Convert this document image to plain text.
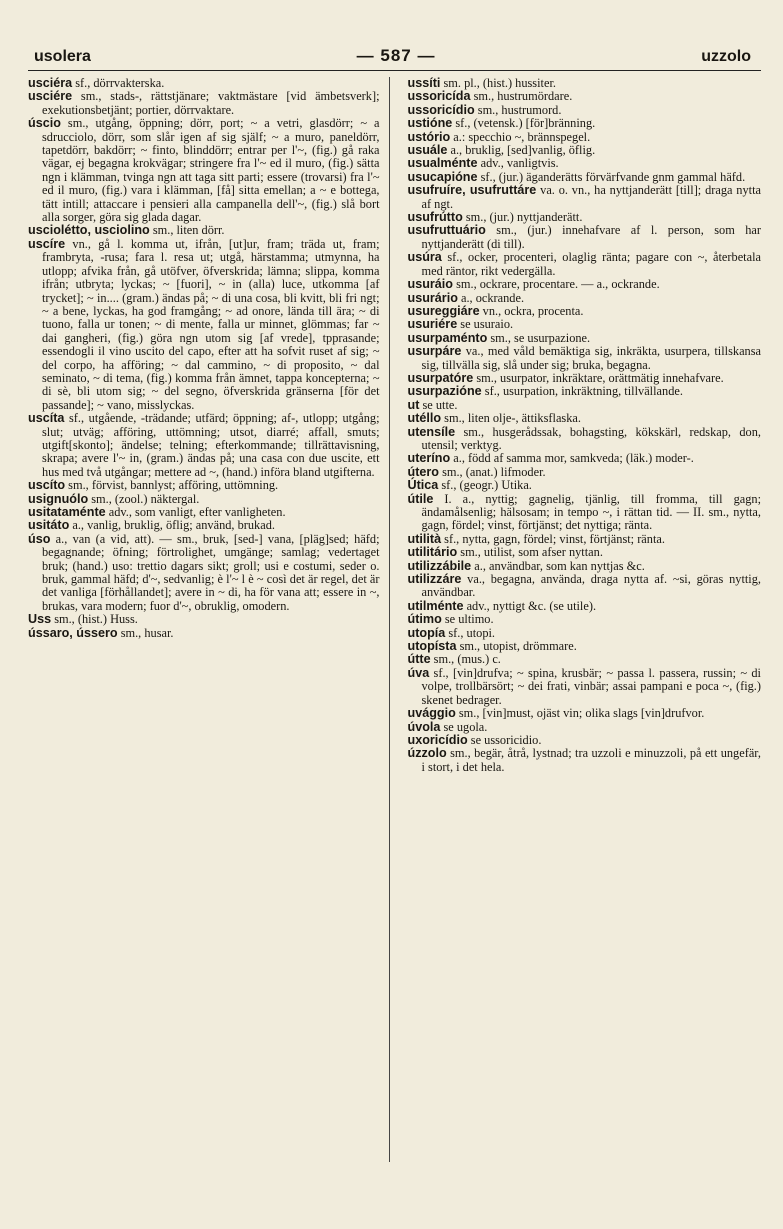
usolera	— 587 —	uzzolo

usciéra sf., dörrvakterska.

usciére sm., stads-, rättstjänare; vaktmästare [vid ämbetsverk]; exekutionsbetjänt; portier, dörrvaktare.

úscio sm., utgång, öppning; dörr, port; ~ a vetri, glasdörr; ~ a sdrucciolo, dörr, som slår igen af sig själf; ~ a muro, paneldörr, tapetdörr, bakdörr; ~ finto, blinddörr; entrar per l'~, (fig.) gå raka vägar, ej begagna krokvägar; stringere fra l'~ ed il muro, (fig.) sätta ngn i klämman, tvinga ngn att taga sitt parti; essere (trovarsi) fra l'~ ed il muro, (fig.) vara i klämman, [få] sitta emellan; a ~ e bottega, tätt intill; attaccare i pensieri alla campanella dell'~, (fig.) slå bort alla sorger, göra sig glada dagar.

usciolétto, usciolino sm., liten dörr.

uscíre vn., gå l. komma ut, ifrån, [ut]ur, fram; träda ut, fram; frambryta, -rusa; fara l. resa ut; utgå, härstamma; utmynna, ha utlopp; afvika från, gå utöfver, öfverskrida; lämna; slippa, komma ifrån; utbryta; lyckas; ~ [fuori], ~ in (alla) luce, utkomma [af trycket]; ~ in.... (gram.) ändas på; ~ di una cosa, bli kvitt, bli fri ngt; ~ a bene, lyckas, ha god framgång; ~ ad onore, lända till ära; ~ di tuono, falla ur tonen; ~ di mente, falla ur minnet, glömmas; far ~ dai gangheri, (fig.) göra ngn utom sig [af vrede], tpprasande; essendogli il vino uscito del capo, efter att ha sofvit ruset af sig; ~ del corpo, ha afföring; ~ dal cammino, ~ di proposito, ~ dal seminato, ~ di tema, (fig.) komma från ämnet, tappa koncepterna; ~ di sè, bli utom sig; ~ del segno, öfverskrida gränserna [för det passande]; ~ vano, misslyckas.

uscíta sf., utgående, -trädande; utfärd; öppning; af-, utlopp; utgång; slut; utväg; afföring, uttömning; utsot, diarré; affall, smuts; utgift[skonto]; ändelse; telning; efterkommande; tillrättavisning, skrapa; avere l'~ in, (gram.) ändas på; una casa con due uscite, ett hus med två utgångar; mettere ad ~, (hand.) införa bland utgifterna.

uscíto sm., förvist, bannlyst; afföring, uttömning.

usignuólo sm., (zool.) näktergal.

usitataménte adv., som vanligt, efter vanligheten.

usitáto a., vanlig, bruklig, öflig; använd, brukad.

úso a., van (a vid, att). — sm., bruk, [sed-] vana, [pläg]sed; häfd; begagnande; öfning; förtrolighet, umgänge; samlag; vedertaget bruk; (hand.) uso: trettio dagars sikt; groll; usi e costumi, seder o. bruk, gammal häfd; d'~, sedvanlig; è l'~ l è ~ così det är regel, det är det vanliga [förhållandet]; avere in ~ di, ha för vana att; essere in ~, brukas, vara modern; fuor d'~, obruklig, omodern.

Uss sm., (hist.) Huss.

ússaro, ússero sm., husar.

ussíti sm. pl., (hist.) hussiter.

ussoricída sm., hustrumördare.

ussoricídio sm., hustrumord.

ustióne sf., (vetensk.) [för]bränning.

ustório a.: specchio ~, brännspegel.

usuále a., bruklig, [sed]vanlig, öflig.

usualménte adv., vanligtvis.

usucapióne sf., (jur.) äganderätts förvärfvande gnm gammal häfd.

usufruíre, usufruttáre va. o. vn., ha nyttjanderätt [till]; draga nytta af ngt.

usufrútto sm., (jur.) nyttjanderätt.

usufruttuário sm., (jur.) innehafvare af l. person, som har nyttjanderätt (di till).

usúra sf., ocker, procenteri, olaglig ränta; pagare con ~, återbetala med räntor, rikt vedergälla.

usuráio sm., ockrare, procentare. — a., ockrande.

usurário a., ockrande.

usureggiáre vn., ockra, procenta.

usuriére se usuraio.

usurpaménto sm., se usurpazione.

usurpáre va., med våld bemäktiga sig, inkräkta, usurpera, tillskansa sig, tillvälla sig, slå under sig; bruka, begagna.

usurpatóre sm., usurpator, inkräktare, orättmätig innehafvare.

usurpazióne sf., usurpation, inkräktning, tillvällande.

ut se utte.

utéllo sm., liten olje-, ättiksflaska.

utensíle sm., husgerådssak, bohagsting, kökskärl, redskap, don, utensil; verktyg.

uteríno a., född af samma mor, samkveda; (läk.) moder-.

útero sm., (anat.) lifmoder.

Útica sf., (geogr.) Utika.

útile I. a., nyttig; gagnelig, tjänlig, till fromma, till gagn; ändamålsenlig; hälsosam; in tempo ~, i rättan tid. — II. sm., nytta, gagn, fördel; vinst, förtjänst; det nyttiga; ränta.

utilità sf., nytta, gagn, fördel; vinst, förtjänst; ränta.

utilitário sm., utilist, som afser nyttan.

utilizzábile a., användbar, som kan nyttjas &c.

utilizzáre va., begagna, använda, draga nytta af. ~si, göras nyttig, användbar.

utilménte adv., nyttigt &c. (se utile).

útimo se ultimo.

utopía sf., utopi.

utopísta sm., utopist, drömmare.

útte sm., (mus.) c.

úva sf., [vin]drufva; ~ spina, krusbär; ~ passa l. passera, russin; ~ di volpe, trollbärsört; ~ dei frati, vinbär; assai pampani e poca ~, (fig.) skenet bedrager.

uvággio sm., [vin]must, ojäst vin; olika slags [vin]drufvor.

úvola se ugola.

uxoricídio se ussoricidio.

úzzolo sm., begär, åtrå, lystnad; tra uzzoli e minuzzoli, på ett ungefär, i stort, i det hela.
